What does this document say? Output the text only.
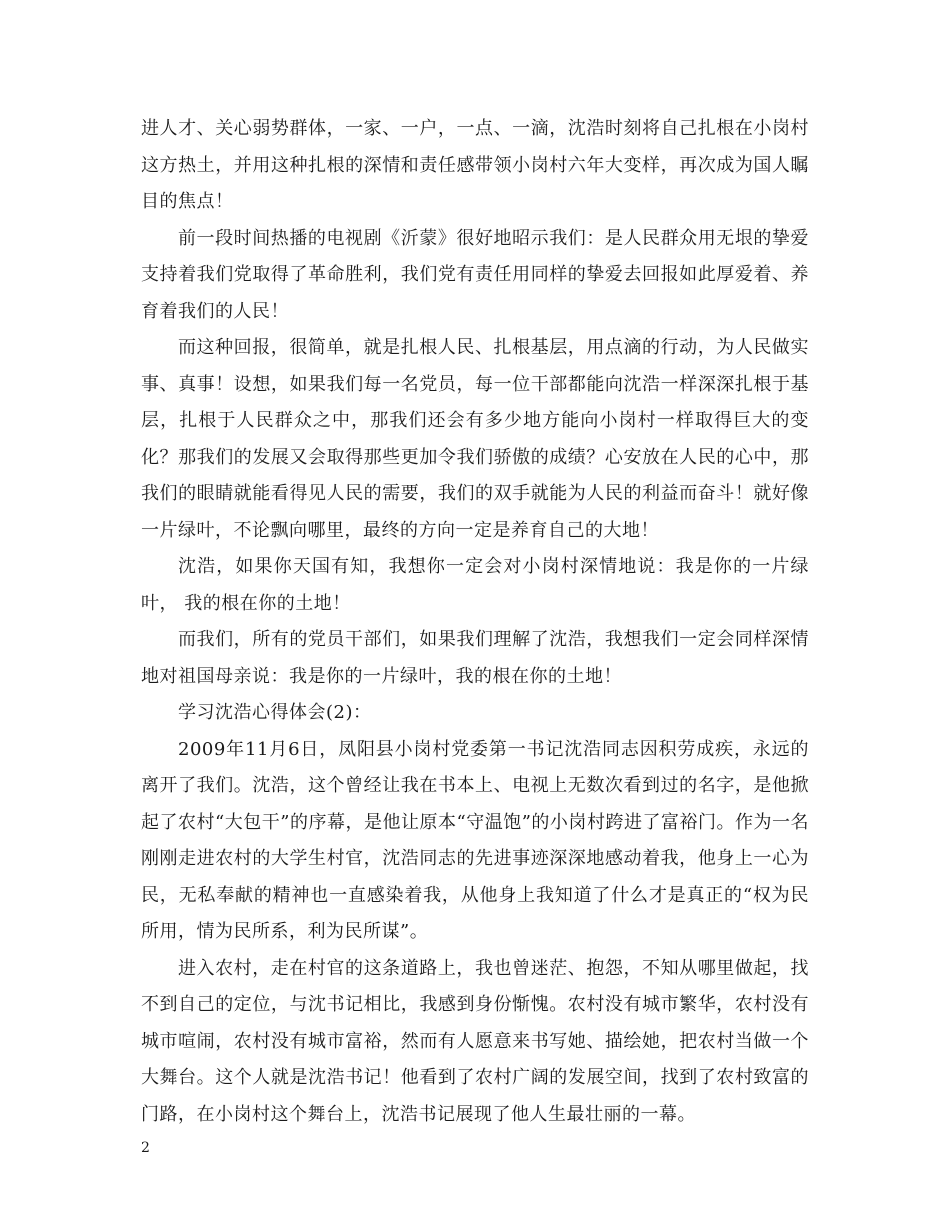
进人才、关心弱势群体，一家、一户，一点、一滴，沈浩时刻将自己扎根在小岗村这方热土，并用这种扎根的深情和责任感带领小岗村六年大变样，再次成为国人瞩目的焦点！

前一段时间热播的电视剧《沂蒙》很好地昭示我们：是人民群众用无垠的挚爱支持着我们党取得了革命胜利，我们党有责任用同样的挚爱去回报如此厚爱着、养育着我们的人民！

而这种回报，很简单，就是扎根人民、扎根基层，用点滴的行动，为人民做实事、真事！设想，如果我们每一名党员，每一位干部都能向沈浩一样深深扎根于基层，扎根于人民群众之中，那我们还会有多少地方能向小岗村一样取得巨大的变化？那我们的发展又会取得那些更加令我们骄傲的成绩？心安放在人民的心中，那我们的眼睛就能看得见人民的需要，我们的双手就能为人民的利益而奋斗！就好像一片绿叶，不论飘向哪里，最终的方向一定是养育自己的大地！

沈浩，如果你天国有知，我想你一定会对小岗村深情地说：我是你的一片绿叶， 我的根在你的土地！

而我们，所有的党员干部们，如果我们理解了沈浩，我想我们一定会同样深情地对祖国母亲说：我是你的一片绿叶，我的根在你的土地！

学习沈浩心得体会(2)：

2009年11月6日，凤阳县小岗村党委第一书记沈浩同志因积劳成疾，永远的离开了我们。沈浩，这个曾经让我在书本上、电视上无数次看到过的名字，是他掀起了农村“大包干”的序幕，是他让原本“守温饱”的小岗村跨进了富裕门。作为一名刚刚走进农村的大学生村官，沈浩同志的先进事迹深深地感动着我，他身上一心为民，无私奉献的精神也一直感染着我，从他身上我知道了什么才是真正的“权为民所用，情为民所系，利为民所谋”。

进入农村，走在村官的这条道路上，我也曾迷茫、抱怨，不知从哪里做起，找不到自己的定位，与沈书记相比，我感到身份惭愧。农村没有城市繁华，农村没有城市喧闹，农村没有城市富裕，然而有人愿意来书写她、描绘她，把农村当做一个大舞台。这个人就是沈浩书记！他看到了农村广阔的发展空间，找到了农村致富的门路，在小岗村这个舞台上，沈浩书记展现了他人生最壮丽的一幕。

2
